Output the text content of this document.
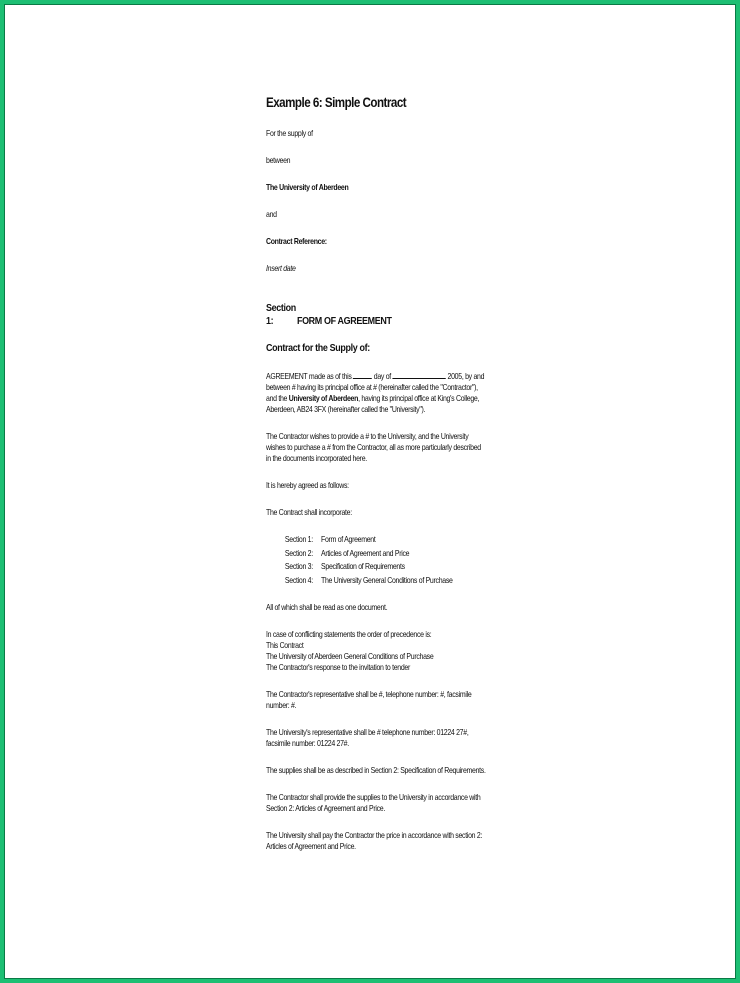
Example 6: Simple Contract

For the supply of

between

The University of Aberdeen

and

Contract Reference:

Insert date

Section 1: FORM OF AGREEMENT
Contract for the Supply of:

AGREEMENT made as of this	day of	2005, by and between # having its principal office at # (hereinafter called the "Contractor"), and the University of Aberdeen, having its principal office at King's College, Aberdeen, AB24 3FX (hereinafter called the "University").

The Contractor wishes to provide a # to the University, and the University wishes to purchase a # from the Contractor, all as more particularly described in the documents incorporated here.

It is hereby agreed as follows:

The Contract shall incorporate:

Section 1:	Form of Agreement
Section 2:	Articles of Agreement and Price
Section 3:	Specification of Requirements
Section 4:	The University General Conditions of Purchase

All of which shall be read as one document.

In case of conflicting statements the order of precedence is:

This Contract

The University of Aberdeen General Conditions of Purchase

The Contractor's response to the invitation to tender

The Contractor's representative shall be #, telephone number: #, facsimile number: #.

The University's representative shall be # telephone number: 01224 27#, facsimile number: 01224 27#.

The supplies shall be as described in Section 2: Specification of Requirements.

The Contractor shall provide the supplies to the University in accordance with Section 2: Articles of Agreement and Price.

The University shall pay the Contractor the price in accordance with section 2: Articles of Agreement and Price.
